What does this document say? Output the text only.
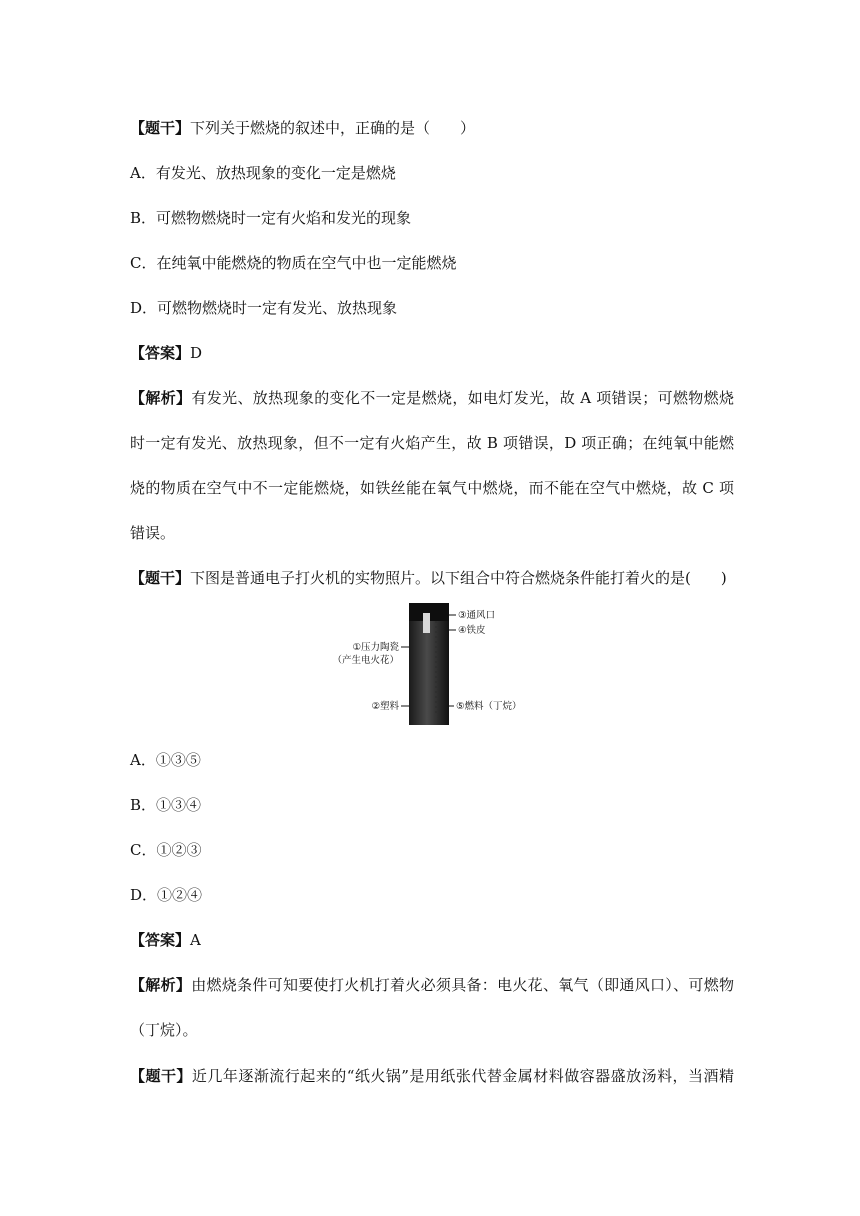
【题干】下列关于燃烧的叙述中，正确的是（　　）
A．有发光、放热现象的变化一定是燃烧
B．可燃物燃烧时一定有火焰和发光的现象
C．在纯氧中能燃烧的物质在空气中也一定能燃烧
D．可燃物燃烧时一定有发光、放热现象
【答案】D
【解析】有发光、放热现象的变化不一定是燃烧，如电灯发光，故 A 项错误；可燃物燃烧
时一定有发光、放热现象，但不一定有火焰产生，故 B 项错误，D 项正确；在纯氧中能燃
烧的物质在空气中不一定能燃烧，如铁丝能在氧气中燃烧，而不能在空气中燃烧，故 C 项
错误。
【题干】下图是普通电子打火机的实物照片。以下组合中符合燃烧条件能打着火的是(　　)
③通风口
④铁皮
①压力陶瓷
（产生电火花）
②塑料	⑤燃料（丁烷）
A．①③⑤
B．①③④
C．①②③
D．①②④
【答案】A
【解析】由燃烧条件可知要使打火机打着火必须具备：电火花、氧气（即通风口）、可燃物
（丁烷）。
【题干】近几年逐渐流行起来的“纸火锅”是用纸张代替金属材料做容器盛放汤料，当酒精
